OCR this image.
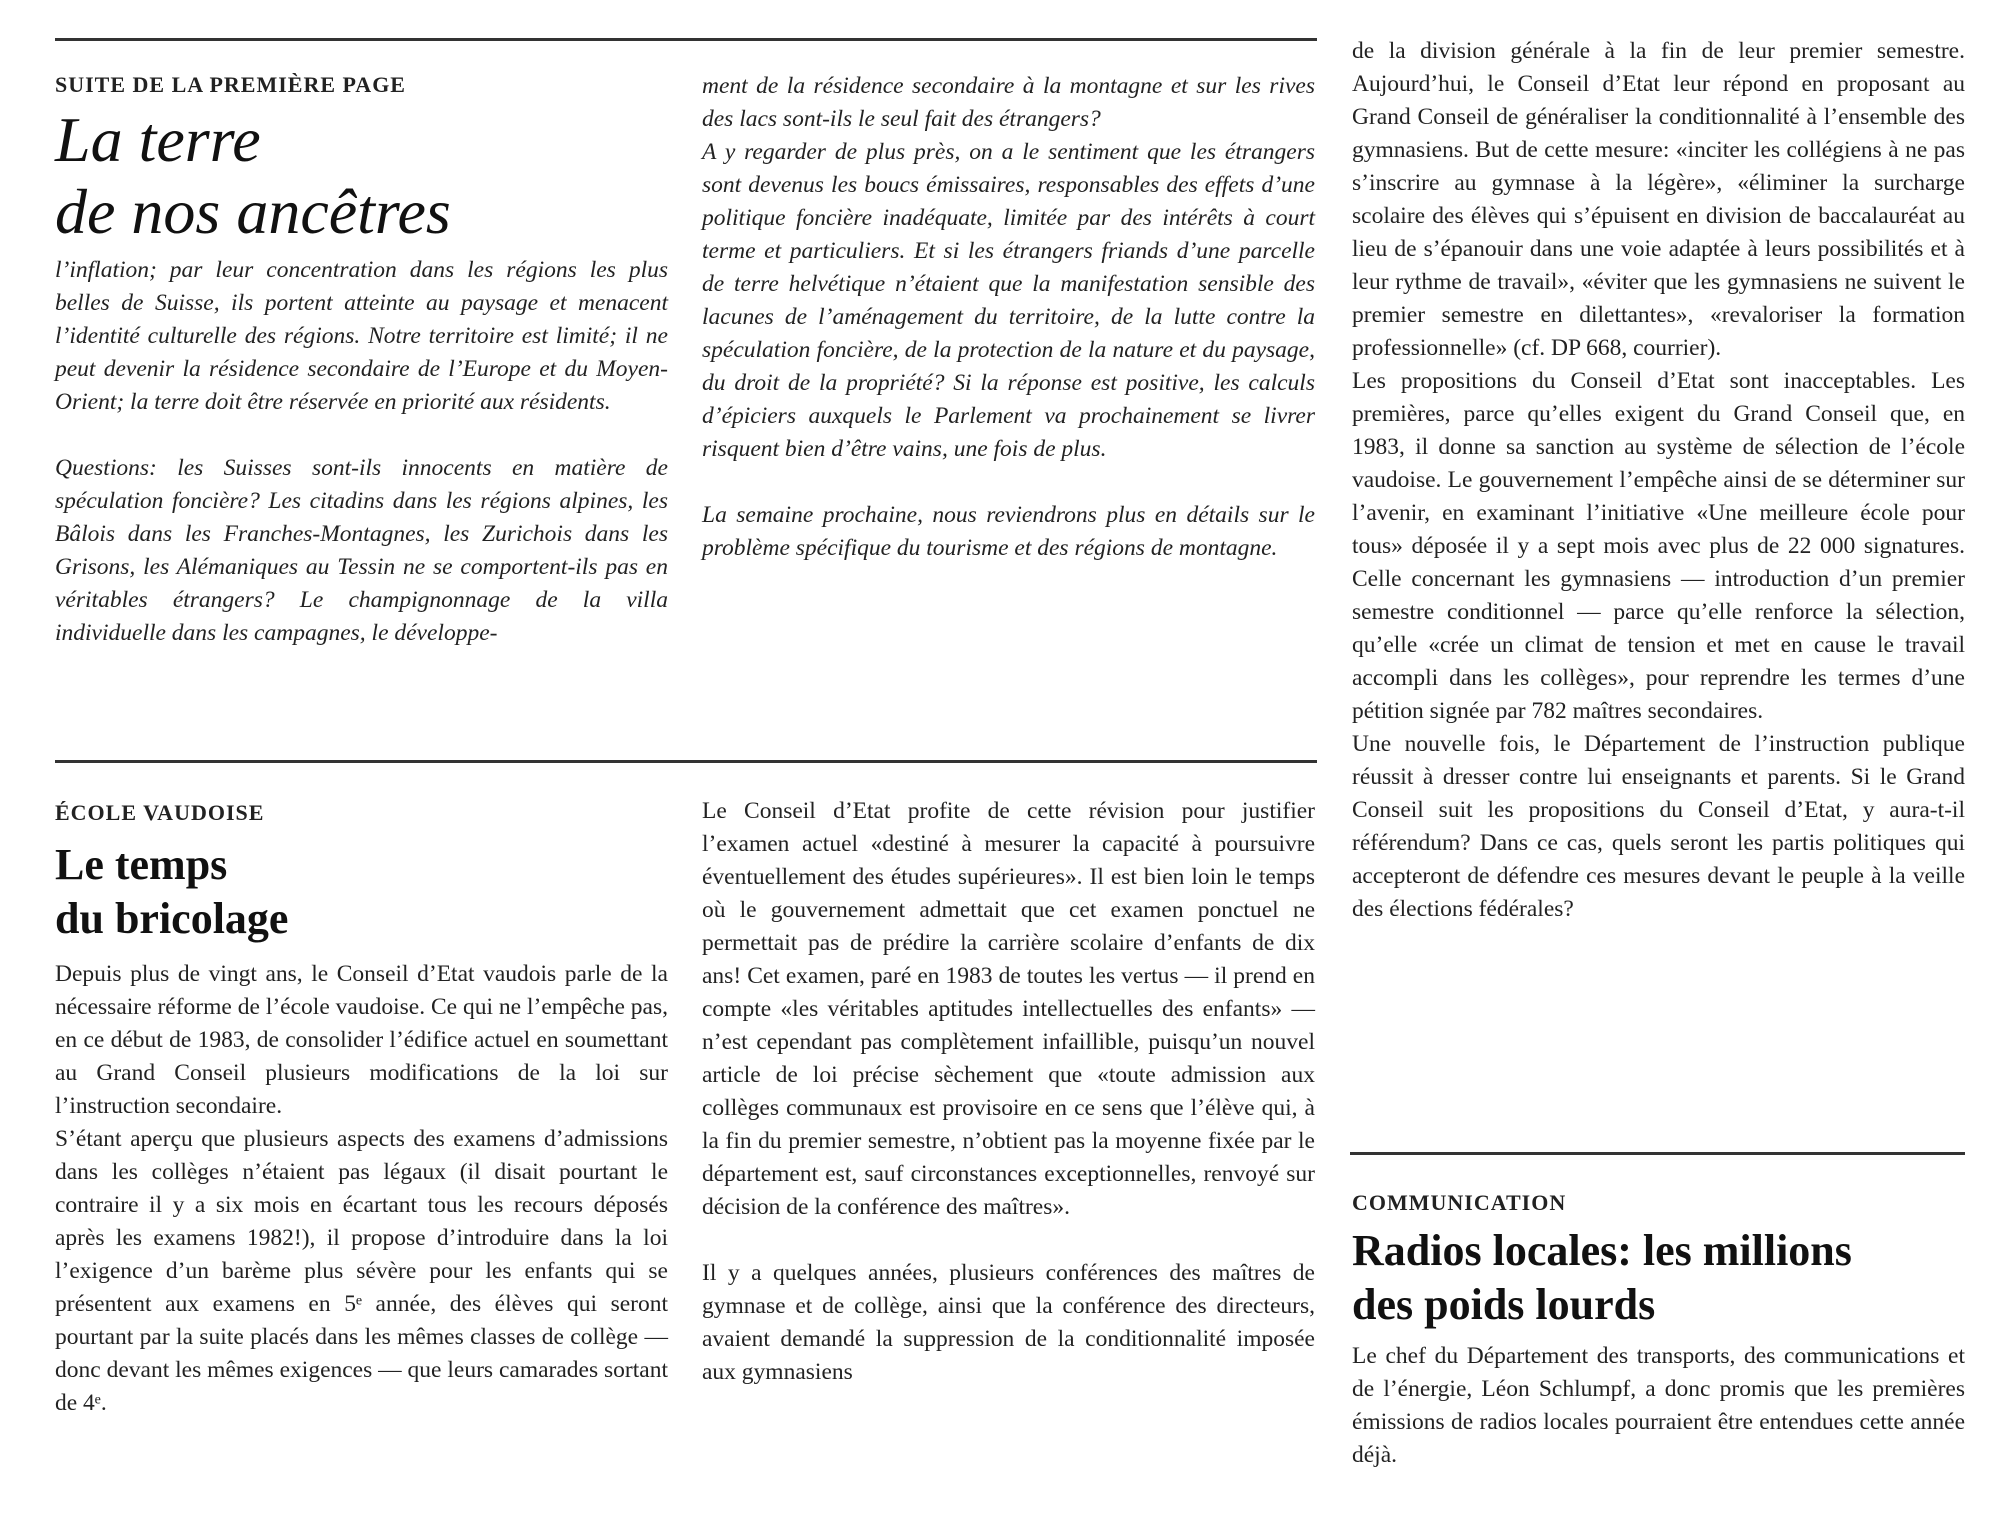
SUITE DE LA PREMIÈRE PAGE

La terre
de nos ancêtres

l’inflation; par leur concentration dans les régions les plus belles de Suisse, ils portent atteinte au paysage et menacent l’identité culturelle des régions. Notre territoire est limité; il ne peut devenir la résidence secondaire de l’Europe et du Moyen-Orient; la terre doit être réservée en priorité aux résidents.

Questions: les Suisses sont-ils innocents en matière de spéculation foncière? Les citadins dans les régions alpines, les Bâlois dans les Franches-Montagnes, les Zurichois dans les Grisons, les Alémaniques au Tessin ne se comportent-ils pas en véritables étrangers? Le champignonnage de la villa individuelle dans les campagnes, le développe-

ment de la résidence secondaire à la montagne et sur les rives des lacs sont-ils le seul fait des étrangers?

A y regarder de plus près, on a le sentiment que les étrangers sont devenus les boucs émissaires, responsables des effets d’une politique foncière inadéquate, limitée par des intérêts à court terme et particuliers. Et si les étrangers friands d’une parcelle de terre helvétique n’étaient que la manifestation sensible des lacunes de l’aménagement du territoire, de la lutte contre la spéculation foncière, de la protection de la nature et du paysage, du droit de la propriété? Si la réponse est positive, les calculs d’épiciers auxquels le Parlement va prochainement se livrer risquent bien d’être vains, une fois de plus.

La semaine prochaine, nous reviendrons plus en détails sur le problème spécifique du tourisme et des régions de montagne.

ÉCOLE VAUDOISE

Le temps
du bricolage

Depuis plus de vingt ans, le Conseil d’Etat vaudois parle de la nécessaire réforme de l’école vaudoise. Ce qui ne l’empêche pas, en ce début de 1983, de consolider l’édifice actuel en soumettant au Grand Conseil plusieurs modifications de la loi sur l’instruction secondaire.

S’étant aperçu que plusieurs aspects des examens d’admissions dans les collèges n’étaient pas légaux (il disait pourtant le contraire il y a six mois en écartant tous les recours déposés après les examens 1982!), il propose d’introduire dans la loi l’exigence d’un barème plus sévère pour les enfants qui se présentent aux examens en 5ᵉ année, des élèves qui seront pourtant par la suite placés dans les mêmes classes de collège — donc devant les mêmes exigences — que leurs camarades sortant de 4ᵉ.

Le Conseil d’Etat profite de cette révision pour justifier l’examen actuel «destiné à mesurer la capacité à poursuivre éventuellement des études supérieures». Il est bien loin le temps où le gouvernement admettait que cet examen ponctuel ne permettait pas de prédire la carrière scolaire d’enfants de dix ans! Cet examen, paré en 1983 de toutes les vertus — il prend en compte «les véritables aptitudes intellectuelles des enfants» — n’est cependant pas complètement infaillible, puisqu’un nouvel article de loi précise sèchement que «toute admission aux collèges communaux est provisoire en ce sens que l’élève qui, à la fin du premier semestre, n’obtient pas la moyenne fixée par le département est, sauf circonstances exceptionnelles, renvoyé sur décision de la conférence des maîtres».

Il y a quelques années, plusieurs conférences des maîtres de gymnase et de collège, ainsi que la conférence des directeurs, avaient demandé la suppression de la conditionnalité imposée aux gymnasiens

de la division générale à la fin de leur premier semestre. Aujourd’hui, le Conseil d’Etat leur répond en proposant au Grand Conseil de généraliser la conditionnalité à l’ensemble des gymnasiens. But de cette mesure: «inciter les collégiens à ne pas s’inscrire au gymnase à la légère», «éliminer la surcharge scolaire des élèves qui s’épuisent en division de baccalauréat au lieu de s’épanouir dans une voie adaptée à leurs possibilités et à leur rythme de travail», «éviter que les gymnasiens ne suivent le premier semestre en dilettantes», «revaloriser la formation professionnelle» (cf. DP 668, courrier).

Les propositions du Conseil d’Etat sont inacceptables. Les premières, parce qu’elles exigent du Grand Conseil que, en 1983, il donne sa sanction au système de sélection de l’école vaudoise. Le gouvernement l’empêche ainsi de se déterminer sur l’avenir, en examinant l’initiative «Une meilleure école pour tous» déposée il y a sept mois avec plus de 22 000 signatures. Celle concernant les gymnasiens — introduction d’un premier semestre conditionnel — parce qu’elle renforce la sélection, qu’elle «crée un climat de tension et met en cause le travail accompli dans les collèges», pour reprendre les termes d’une pétition signée par 782 maîtres secondaires.

Une nouvelle fois, le Département de l’instruction publique réussit à dresser contre lui enseignants et parents. Si le Grand Conseil suit les propositions du Conseil d’Etat, y aura-t-il référendum? Dans ce cas, quels seront les partis politiques qui accepteront de défendre ces mesures devant le peuple à la veille des élections fédérales?

COMMUNICATION

Radios locales: les millions
des poids lourds

Le chef du Département des transports, des communications et de l’énergie, Léon Schlumpf, a donc promis que les premières émissions de radios locales pourraient être entendues cette année déjà.
